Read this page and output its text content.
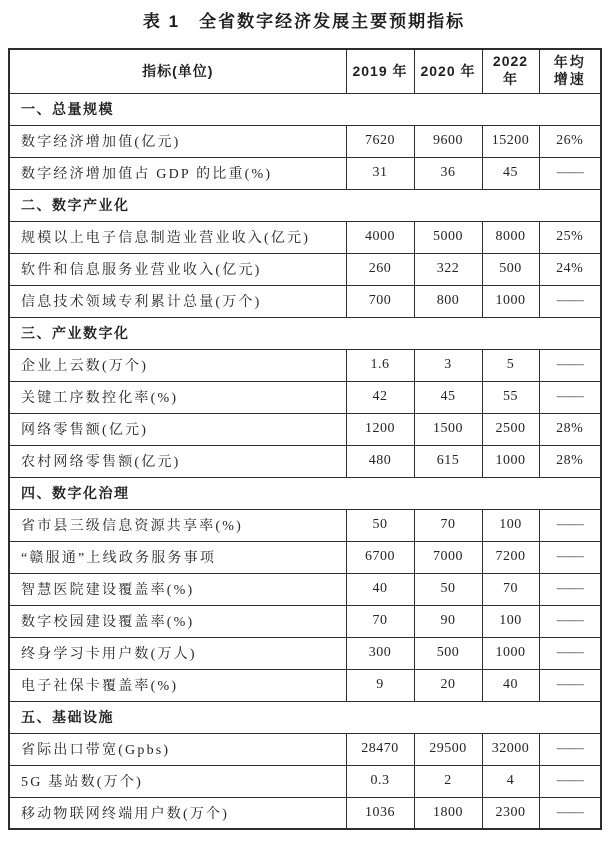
表 1　全省数字经济发展主要预期指标
指标(单位)	2019 年	2020 年	2022 年	年均
增速

一、总量规模				
数字经济增加值(亿元)	7620	9600	15200	26%
数字经济增加值占 GDP 的比重(%)	31	36	45	——
二、数字产业化				
规模以上电子信息制造业营业收入(亿元)	4000	5000	8000	25%
软件和信息服务业营业收入(亿元)	260	322	500	24%
信息技术领域专利累计总量(万个)	700	800	1000	——
三、产业数字化				
企业上云数(万个)	1.6	3	5	——
关键工序数控化率(%)	42	45	55	——
网络零售额(亿元)	1200	1500	2500	28%
农村网络零售额(亿元)	480	615	1000	28%
四、数字化治理				
省市县三级信息资源共享率(%)	50	70	100	——
“赣服通”上线政务服务事项	6700	7000	7200	——
智慧医院建设覆盖率(%)	40	50	70	——
数字校园建设覆盖率(%)	70	90	100	——
终身学习卡用户数(万人)	300	500	1000	——
电子社保卡覆盖率(%)	9	20	40	——
五、基础设施				
省际出口带宽(Gpbs)	28470	29500	32000	——
5G 基站数(万个)	0.3	2	4	——
移动物联网终端用户数(万个)	1036	1800	2300	——
